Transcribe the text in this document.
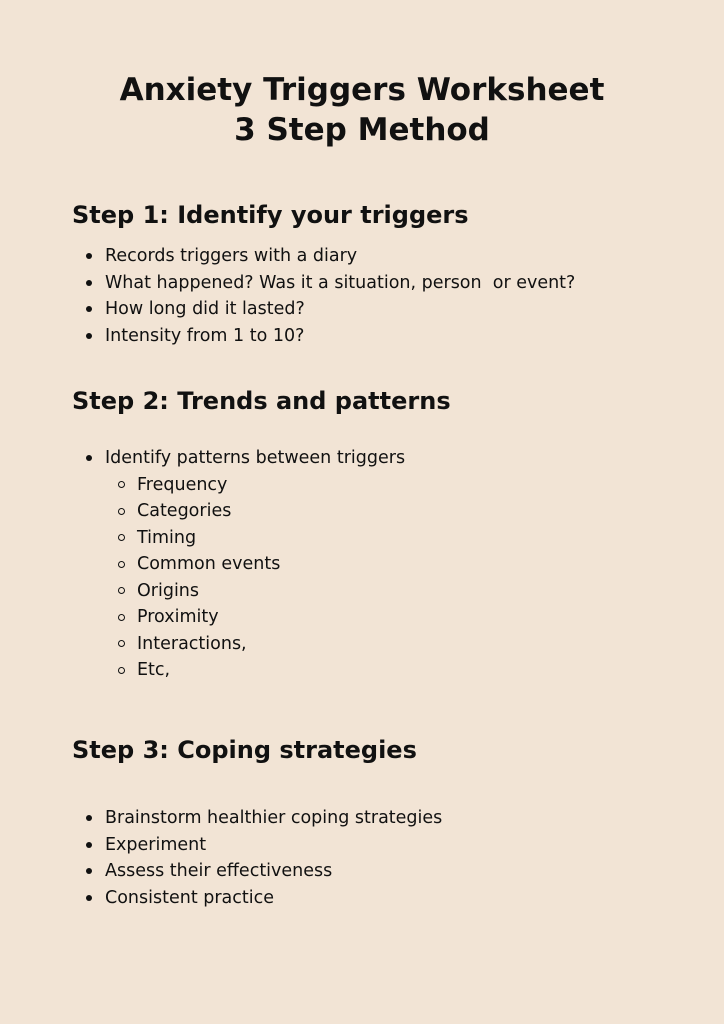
Anxiety Triggers Worksheet
3 Step Method
Step 1: Identify your triggers
Records triggers with a diary
What happened? Was it a situation, person  or event?
How long did it lasted?
Intensity from 1 to 10?
Step 2: Trends and patterns
Identify patterns between triggers
Frequency
Categories
Timing
Common events
Origins
Proximity
Interactions,
Etc,
Step 3: Coping strategies
Brainstorm healthier coping strategies
Experiment
Assess their effectiveness
Consistent practice
